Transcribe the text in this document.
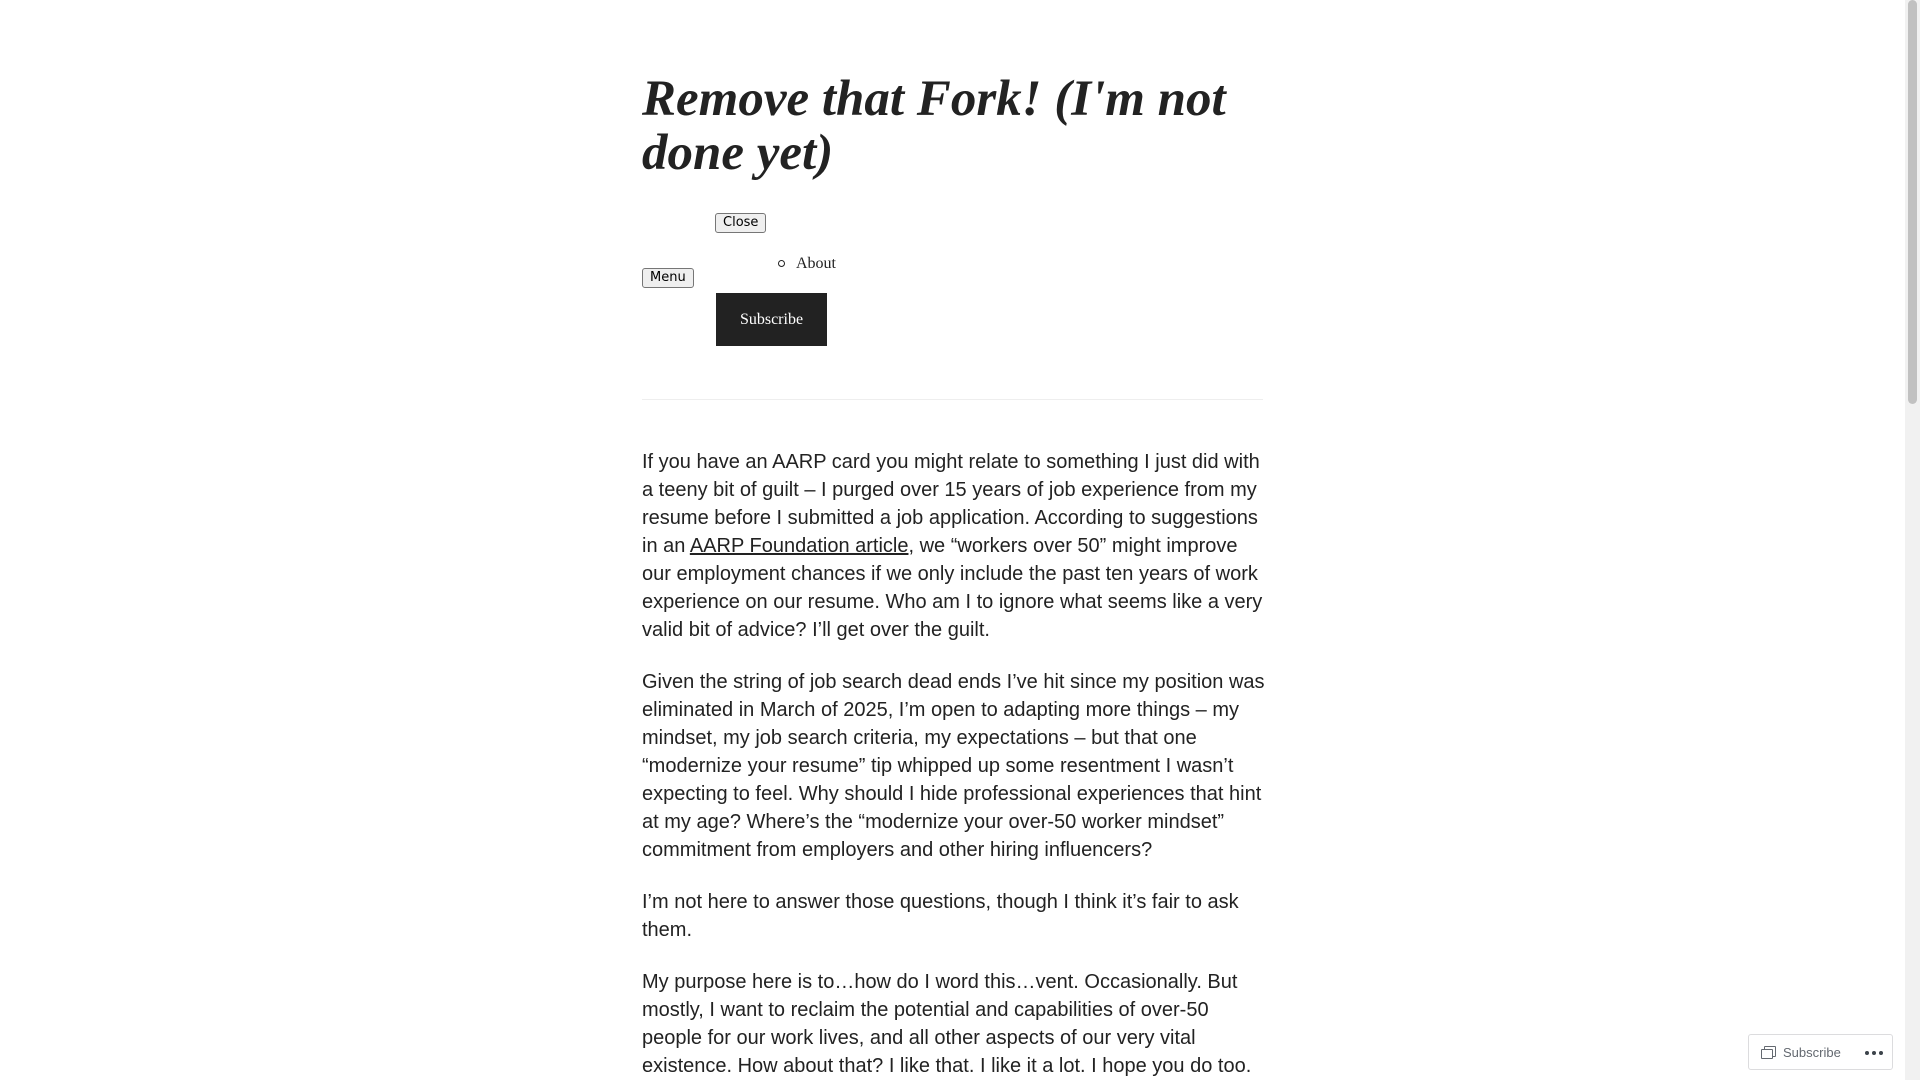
Remove that Fork! (I'm not done yet)
Close
Menu
About
Subscribe

If you have an AARP card you might relate to something I just did with a teeny bit of guilt – I purged over 15 years of job experience from my resume before I submitted a job application. According to suggestions in an AARP Foundation article, we “workers over 50” might improve our employment chances if we only include the past ten years of work experience on our resume. Who am I to ignore what seems like a very valid bit of advice? I’ll get over the guilt.

Given the string of job search dead ends I’ve hit since my position was eliminated in March of 2025, I’m open to adapting more things – my mindset, my job search criteria, my expectations – but that one “modernize your resume” tip whipped up some resentment I wasn’t expecting to feel. Why should I hide professional experiences that hint at my age? Where’s the “modernize your over-50 worker mindset” commitment from employers and other hiring influencers?

I’m not here to answer those questions, though I think it’s fair to ask them.

My purpose here is to…how do I word this…vent. Occasionally. But mostly, I want to reclaim the potential and capabilities of over-50 people for our work lives, and all other aspects of our very vital existence. How about that? I like that. I like it a lot. I hope you do too.

Subscribe
